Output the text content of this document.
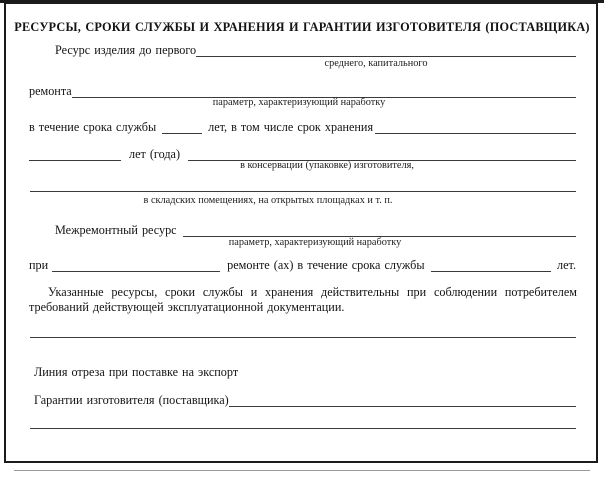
РЕСУРСЫ, СРОКИ СЛУЖБЫ И ХРАНЕНИЯ И ГАРАНТИИ ИЗГОТОВИТЕЛЯ (ПОСТАВЩИКА)
Ресурс изделия до первого
среднего, капитального
ремонта
параметр, характеризующий наработку
в течение срока службы	лет, в том числе срок хранения
лет (года)
в консервации (упаковке) изготовителя,
в складских помещениях, на открытых площадках и т. п.
Межремонтный ресурс
параметр, характеризующий наработку
при	ремонте (ах) в течение срока службы	лет.
Указанные ресурсы, сроки службы и хранения действительны при соблюдении потребителем требований действующей эксплуатационной документации.
Линия отреза при поставке на экспорт
Гарантии изготовителя (поставщика)
